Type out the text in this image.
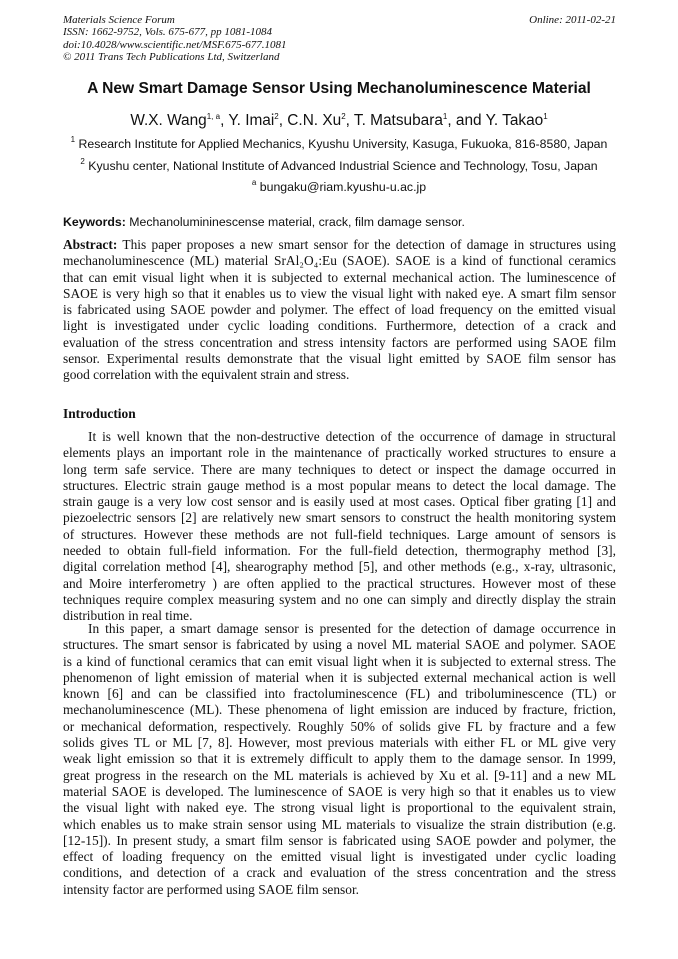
Materials Science Forum
ISSN: 1662-9752, Vols. 675-677, pp 1081-1084
doi:10.4028/www.scientific.net/MSF.675-677.1081
© 2011 Trans Tech Publications Ltd, Switzerland
Online: 2011-02-21
A New Smart Damage Sensor Using Mechanoluminescence Material
W.X. Wang$^{1, a}$, Y. Imai$^2$, C.N. Xu$^2$, T. Matsubara$^1$, and Y. Takao$^1$
$^1$ Research Institute for Applied Mechanics, Kyushu University, Kasuga, Fukuoka, 816-8580, Japan
$^2$ Kyushu center, National Institute of Advanced Industrial Science and Technology, Tosu, Japan
$^a$ bungaku@riam.kyushu-u.ac.jp
Keywords: Mechanolumininescense material, crack, film damage sensor.
Abstract: This paper proposes a new smart sensor for the detection of damage in structures using
mechanoluminescence (ML) material SrAl₂O₄:Eu (SAOE). SAOE is a kind of functional ceramics
that can emit visual light when it is subjected to external mechanical action. The luminescence of
SAOE is very high so that it enables us to view the visual light with naked eye. A smart film sensor
is fabricated using SAOE powder and polymer. The effect of load frequency on the emitted visual
light is investigated under cyclic loading conditions. Furthermore, detection of a crack and
evaluation of the stress concentration and stress intensity factors are performed using SAOE film
sensor. Experimental results demonstrate that the visual light emitted by SAOE film sensor has
good correlation with the equivalent strain and stress.
Introduction
It is well known that the non-destructive detection of the occurrence of damage in structural
elements plays an important role in the maintenance of practically worked structures to ensure a
long term safe service. There are many techniques to detect or inspect the damage occurred in
structures. Electric strain gauge method is a most popular means to detect the local damage. The
strain gauge is a very low cost sensor and is easily used at most cases. Optical fiber grating [1] and
piezoelectric sensors [2] are relatively new smart sensors to construct the health monitoring system
of structures. However these methods are not full-field techniques. Large amount of sensors is
needed to obtain full-field information. For the full-field detection, thermography method [3],
digital correlation method [4], shearography method [5], and other methods (e.g., x-ray, ultrasonic,
and Moire interferometry ) are often applied to the practical structures. However most of these
techniques require complex measuring system and no one can simply and directly display the strain
distribution in real time.
In this paper, a smart damage sensor is presented for the detection of damage occurrence in
structures. The smart sensor is fabricated by using a novel ML material SAOE and polymer. SAOE
is a kind of functional ceramics that can emit visual light when it is subjected to external stress. The
phenomenon of light emission of material when it is subjected external mechanical action is well
known [6] and can be classified into fractoluminescence (FL) and triboluminescence (TL) or
mechanoluminescence (ML). These phenomena of light emission are induced by fracture, friction,
or mechanical deformation, respectively. Roughly 50% of solids give FL by fracture and a few
solids gives TL or ML [7, 8]. However, most previous materials with either FL or ML give very
weak light emission so that it is extremely difficult to apply them to the damage sensor. In 1999,
great progress in the research on the ML materials is achieved by Xu et al. [9-11] and a new ML
material SAOE is developed. The luminescence of SAOE is very high so that it enables us to view
the visual light with naked eye. The strong visual light is proportional to the equivalent strain,
which enables us to make strain sensor using ML materials to visualize the strain distribution (e.g.
[12-15]). In present study, a smart film sensor is fabricated using SAOE powder and polymer, the
effect of loading frequency on the emitted visual light is investigated under cyclic loading
conditions, and detection of a crack and evaluation of the stress concentration and the stress
intensity factor are performed using SAOE film sensor.
